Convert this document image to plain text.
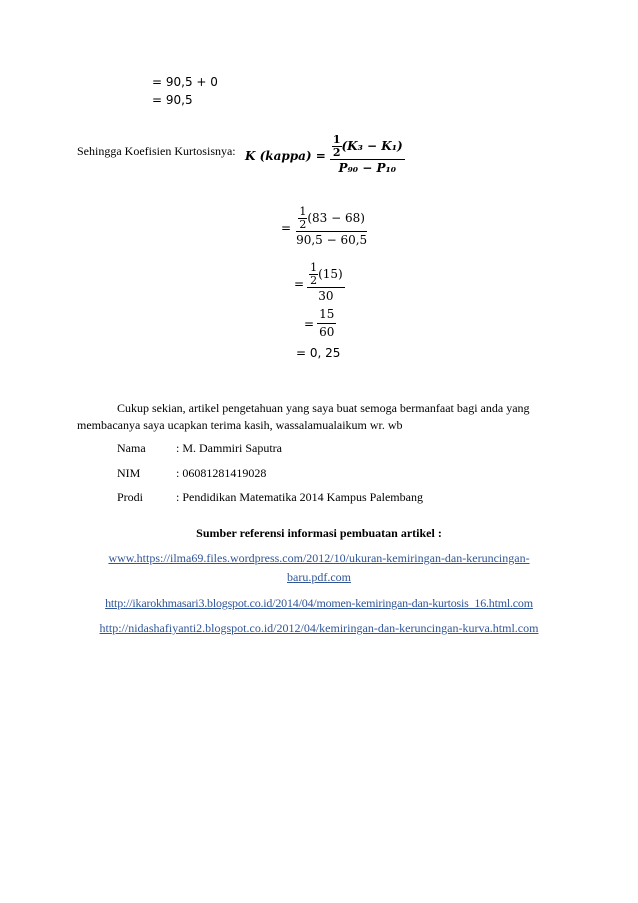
= 90,5 + 0
= 90,5
Sehingga Koefisien Kurtosisnya: K (kappa) = 1
2 (K₃ − K₁)
P₉₀ − P₁₀
= 1
2 (83 − 68)
90,5 − 60,5
= 1
2 (15)
30
= $\frac{15}{60}$
= 0, 25
Cukup sekian, artikel pengetahuan yang saya buat semoga bermanfaat bagi anda yang
membacanya saya ucapkan terima kasih, wassalamualaikum wr. wb
Nama	: M. Dammiri Saputra
NIM	: 06081281419028
Prodi	: Pendidikan Matematika 2014 Kampus Palembang
Sumber referensi informasi pembuatan artikel :
www.https://ilma69.files.wordpress.com/2012/10/ukuran-kemiringan-dan-keruncingan-
baru.pdf.com
http://ikarokhmasari3.blogspot.co.id/2014/04/momen-kemiringan-dan-kurtosis_16.html.com
http://nidashafiyanti2.blogspot.co.id/2012/04/kemiringan-dan-keruncingan-kurva.html.com
